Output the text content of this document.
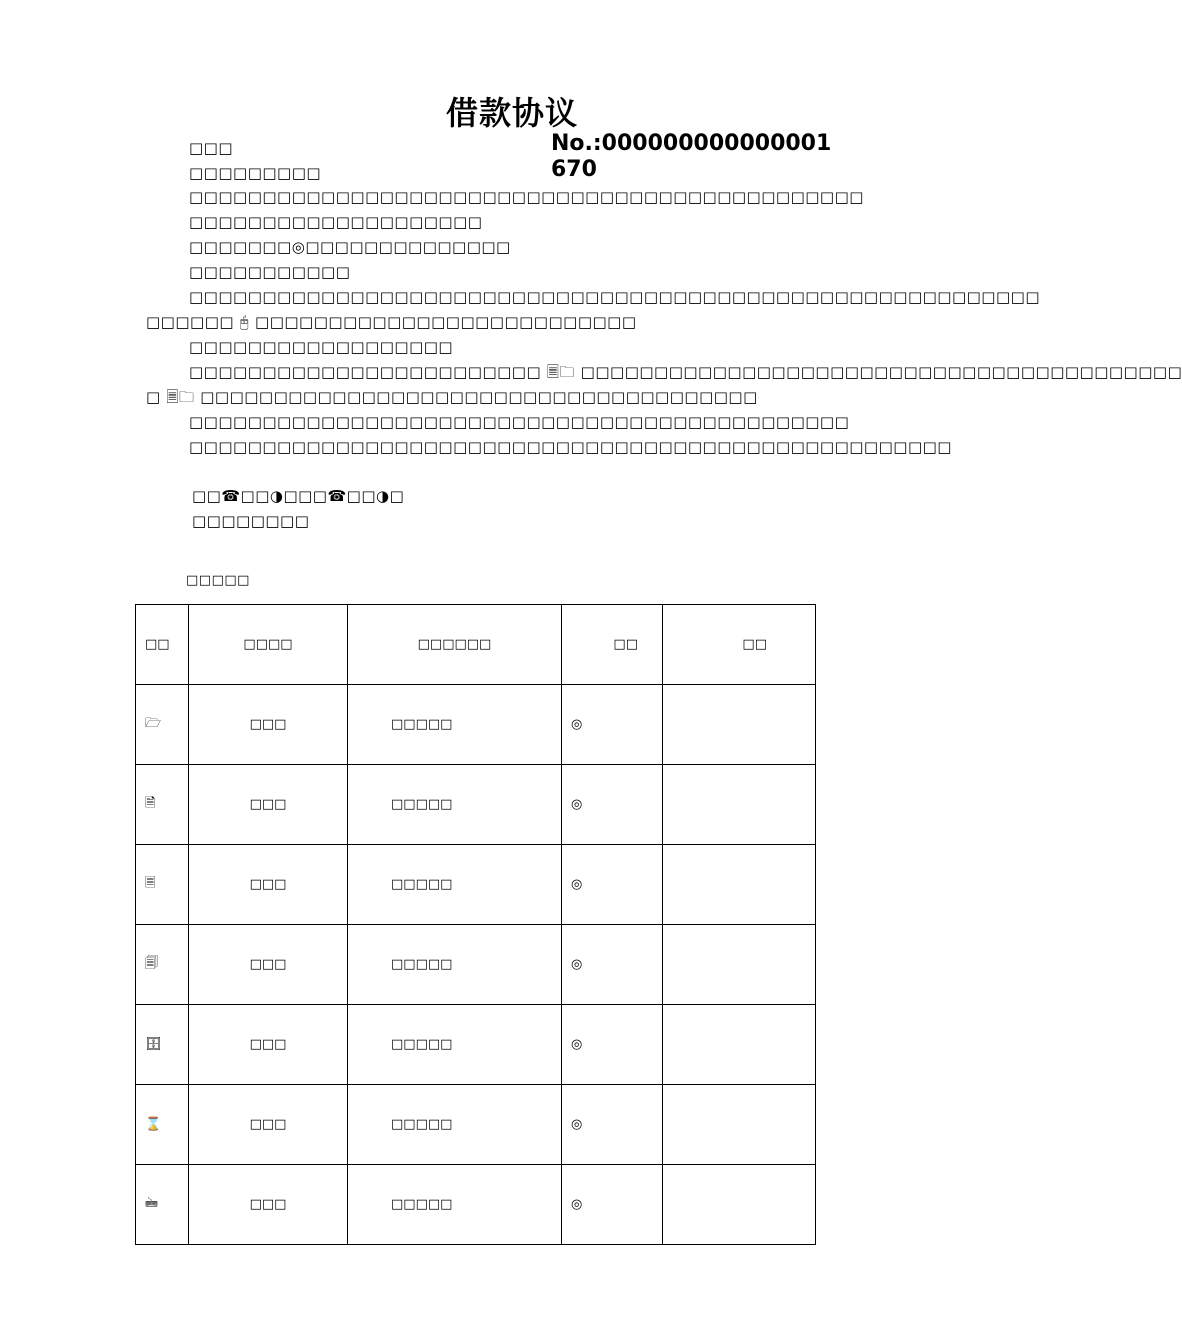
借款协议
No.:000000000000001670
□□□
□□□□□□□□□
□□□□□□□□□□□□□□□□□□□□□□□□□□□□□□□□□□□□□□□□□□□□□□
□□□□□□□□□□□□□□□□□□□□
□□□□□□□◎□□□□□□□□□□□□□□
□□□□□□□□□□□
□□□□□□□□□□□□□□□□□□□□□□□□□□□□□□□□□□□□□□□□□□□□□□□□□□□□□□□□□□
□□□□□□ 🖰 □□□□□□□□□□□□□□□□□□□□□□□□□□
□□□□□□□□□□□□□□□□□□
□□□□□□□□□□□□□□□□□□□□□□□□ 🗏🗀 □□□□□□□□□□□□□□□□□□□□□□□□□□□□□□□□□□□□□□□□□
□ 🗏🗀 □□□□□□□□□□□□□□□□□□□□□□□□□□□□□□□□□□□□□□
□□□□□□□□□□□□□□□□□□□□□□□□□□□□□□□□□□□□□□□□□□□□□
□□□□□□□□□□□□□□□□□□□□□□□□□□□□□□□□□□□□□□□□□□□□□□□□□□□□
□□☎□□◑□□□☎□□◑□
□□□□□□□□
□□□□□
□□	□□□□	□□□□□□	□□	□□
🗁	□□□	□□□□□	◎	
🗎	□□□	□□□□□	◎	
🗏	□□□	□□□□□	◎	
🗐	□□□	□□□□□	◎	
🗄	□□□	□□□□□	◎	
⌛	□□□	□□□□□	◎	
🖮	□□□	□□□□□	◎	
